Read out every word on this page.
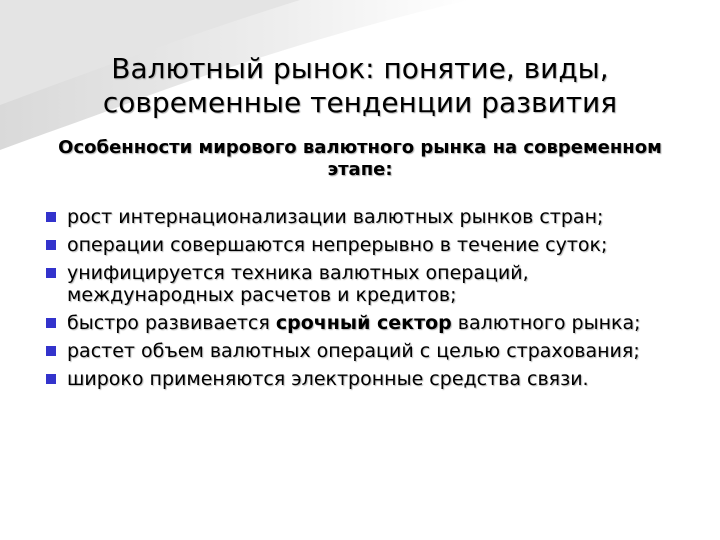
Валютный рынок: понятие, виды, современные тенденции развития

Особенности мирового валютного рынка на современном этапе:

рост интернационализации валютных рынков стран;
операции совершаются непрерывно в течение суток;
унифицируется техника валютных операций, международных расчетов и кредитов;
быстро развивается срочный сектор валютного рынка;
растет объем валютных операций с целью страхования;
широко применяются электронные средства связи.
